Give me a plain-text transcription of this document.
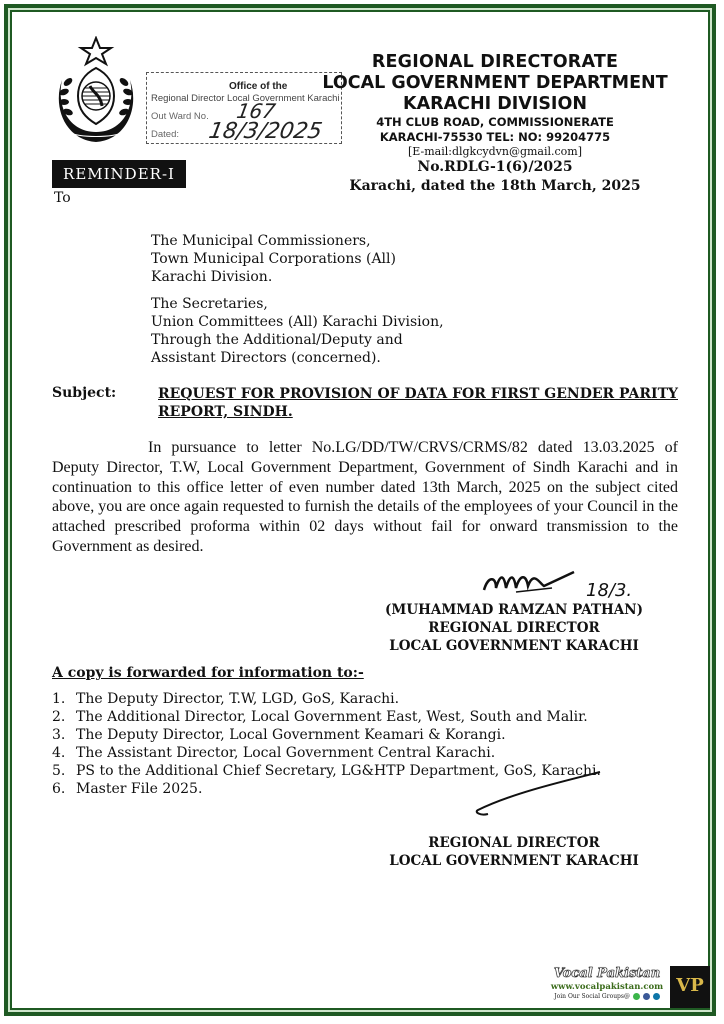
Office of the
Regional Director Local Government Karachi
Out Ward No.
Dated:
167
18/3/2025
REGIONAL DIRECTORATE
LOCAL GOVERNMENT DEPARTMENT
KARACHI DIVISION
4TH CLUB ROAD, COMMISSIONERATE
KARACHI-75530 TEL: NO: 99204775
[E-mail:dlgkcydvn@gmail.com]
No.RDLG-1(6)/2025
Karachi, dated the 18th March, 2025
REMINDER-I
To
The Municipal Commissioners,
Town Municipal Corporations (All)
Karachi Division.
The Secretaries,
Union Committees (All) Karachi Division,
Through the Additional/Deputy and
Assistant Directors (concerned).
Subject:	REQUEST FOR PROVISION OF DATA FOR FIRST GENDER PARITY REPORT, SINDH.
In pursuance to letter No.LG/DD/TW/CRVS/CRMS/82 dated 13.03.2025 of Deputy Director, T.W, Local Government Department, Government of Sindh Karachi and in continuation to this office letter of even number dated 13th March, 2025 on the subject cited above, you are once again requested to furnish the details of the employees of your Council in the attached prescribed proforma within 02 days without fail for onward transmission to the Government as desired.
18/3.
(MUHAMMAD RAMZAN PATHAN)
REGIONAL DIRECTOR
LOCAL GOVERNMENT KARACHI
A copy is forwarded for information to:-
1. The Deputy Director, T.W, LGD, GoS, Karachi.
2. The Additional Director, Local Government East, West, South and Malir.
3. The Deputy Director, Local Government Keamari & Korangi.
4. The Assistant Director, Local Government Central Karachi.
5. PS to the Additional Chief Secretary, LG&HTP Department, GoS, Karachi.
6. Master File 2025.
REGIONAL DIRECTOR
LOCAL GOVERNMENT KARACHI
Vocal Pakistan
www.vocalpakistan.com
Join Our Social Groups@
VP
